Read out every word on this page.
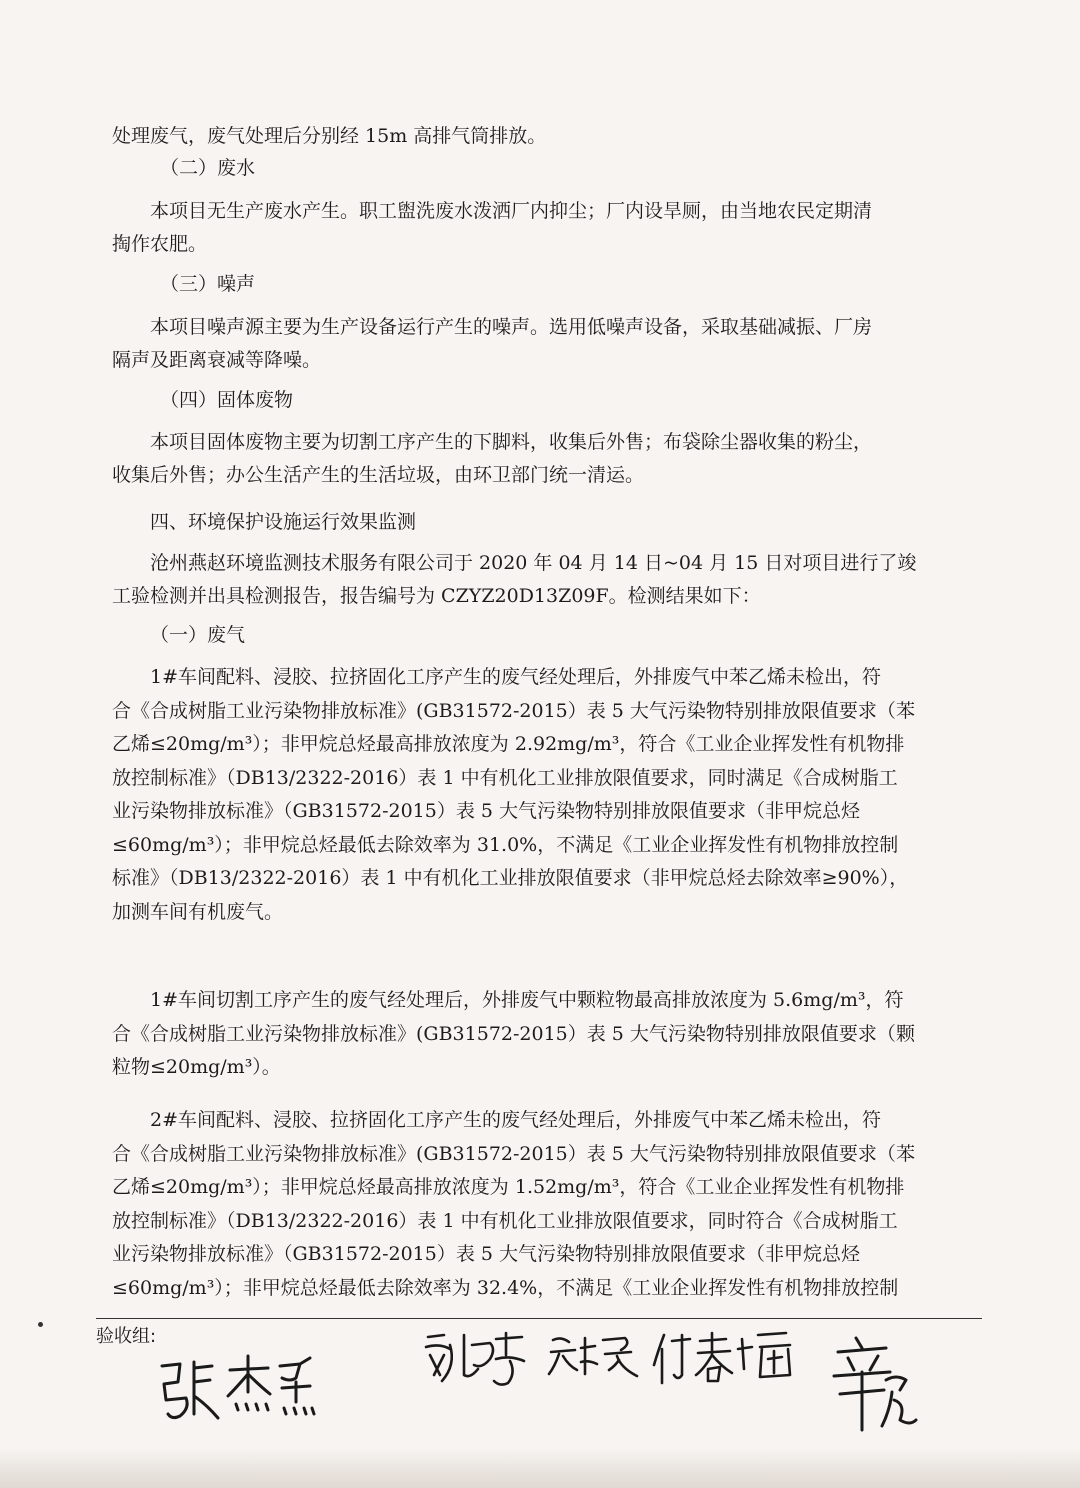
处理废气，废气处理后分别经 15m 高排气筒排放。
（二）废水
本项目无生产废水产生。职工盥洗废水泼洒厂内抑尘；厂内设旱厕，由当地农民定期清
掏作农肥。
（三）噪声
本项目噪声源主要为生产设备运行产生的噪声。选用低噪声设备，采取基础减振、厂房
隔声及距离衰减等降噪。
（四）固体废物
本项目固体废物主要为切割工序产生的下脚料，收集后外售；布袋除尘器收集的粉尘，
收集后外售；办公生活产生的生活垃圾，由环卫部门统一清运。
四、环境保护设施运行效果监测
沧州燕赵环境监测技术服务有限公司于 2020 年 04 月 14 日~04 月 15 日对项目进行了竣
工验检测并出具检测报告，报告编号为 CZYZ20D13Z09F。检测结果如下：
（一）废气
1#车间配料、浸胶、拉挤固化工序产生的废气经处理后，外排废气中苯乙烯未检出，符
合《合成树脂工业污染物排放标准》(GB31572-2015）表 5 大气污染物特别排放限值要求（苯
乙烯≤20mg/m³）；非甲烷总烃最高排放浓度为 2.92mg/m³，符合《工业企业挥发性有机物排
放控制标准》（DB13/2322-2016）表 1 中有机化工业排放限值要求，同时满足《合成树脂工
业污染物排放标准》（GB31572-2015）表 5 大气污染物特别排放限值要求（非甲烷总烃
≤60mg/m³）；非甲烷总烃最低去除效率为 31.0%，不满足《工业企业挥发性有机物排放控制
标准》（DB13/2322-2016）表 1 中有机化工业排放限值要求（非甲烷总烃去除效率≥90%），
加测车间有机废气。
1#车间切割工序产生的废气经处理后，外排废气中颗粒物最高排放浓度为 5.6mg/m³，符
合《合成树脂工业污染物排放标准》(GB31572-2015）表 5 大气污染物特别排放限值要求（颗
粒物≤20mg/m³）。
2#车间配料、浸胶、拉挤固化工序产生的废气经处理后，外排废气中苯乙烯未检出，符
合《合成树脂工业污染物排放标准》(GB31572-2015）表 5 大气污染物特别排放限值要求（苯
乙烯≤20mg/m³）；非甲烷总烃最高排放浓度为 1.52mg/m³，符合《工业企业挥发性有机物排
放控制标准》（DB13/2322-2016）表 1 中有机化工业排放限值要求，同时符合《合成树脂工
业污染物排放标准》（GB31572-2015）表 5 大气污染物特别排放限值要求（非甲烷总烃
≤60mg/m³）；非甲烷总烃最低去除效率为 32.4%，不满足《工业企业挥发性有机物排放控制
验收组:
